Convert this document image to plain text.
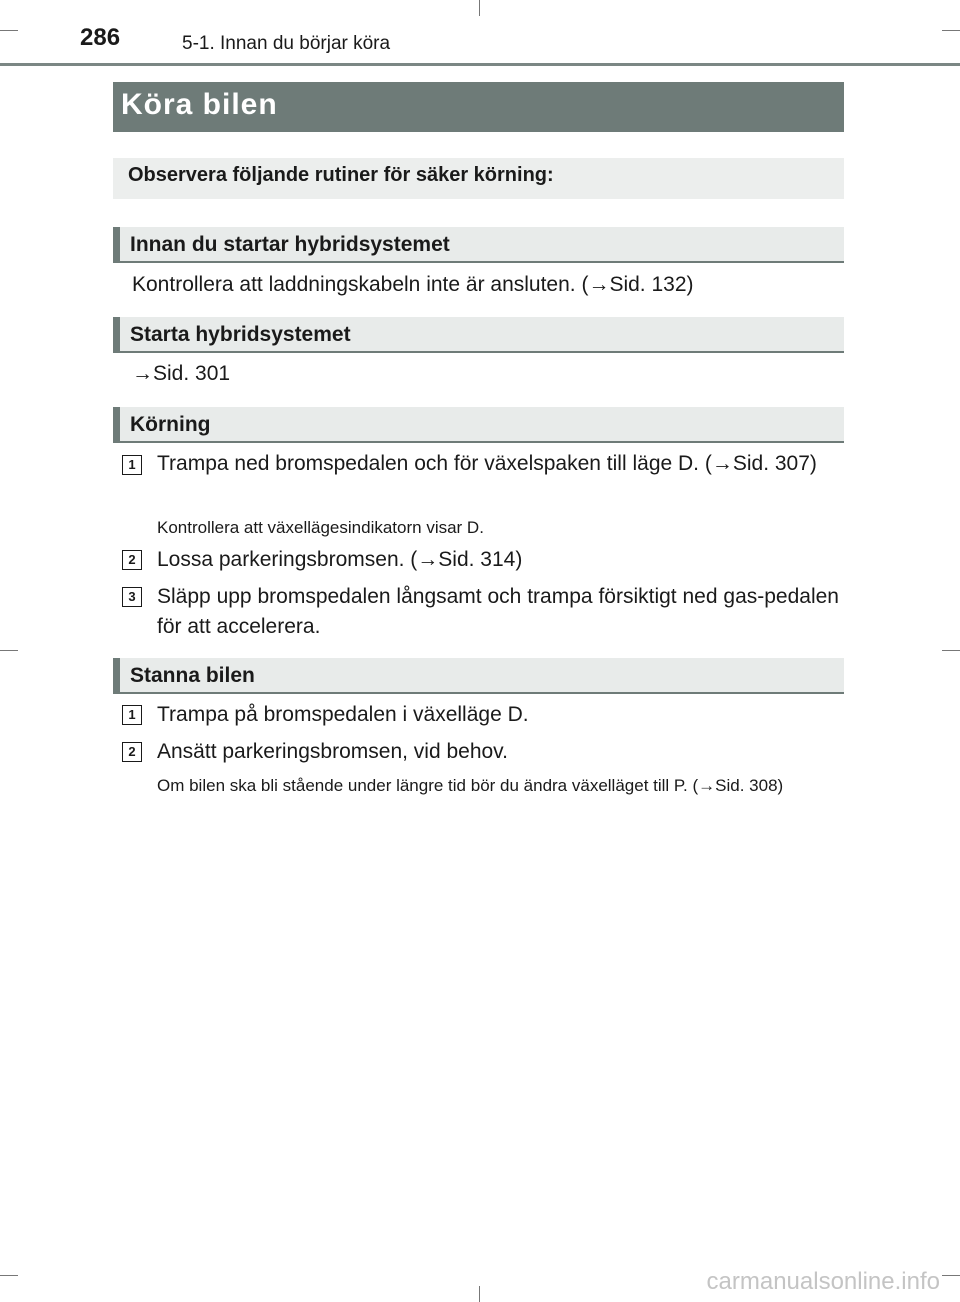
286	5-1. Innan du börjar köra
Köra bilen
Observera följande rutiner för säker körning:
Innan du startar hybridsystemet
Kontrollera att laddningskabeln inte är ansluten. (→Sid. 132)
Starta hybridsystemet
→Sid. 301
Körning
1	Trampa ned bromspedalen och för växelspaken till läge D. (→Sid. 307)
Kontrollera att växellägesindikatorn visar D.
2	Lossa parkeringsbromsen. (→Sid. 314)
3	Släpp upp bromspedalen långsamt och trampa försiktigt ned gas-pedalen för att accelerera.
Stanna bilen
1	Trampa på bromspedalen i växelläge D.
2	Ansätt parkeringsbromsen, vid behov.
Om bilen ska bli stående under längre tid bör du ändra växelläget till P. (→Sid. 308)
carmanualsonline.info
